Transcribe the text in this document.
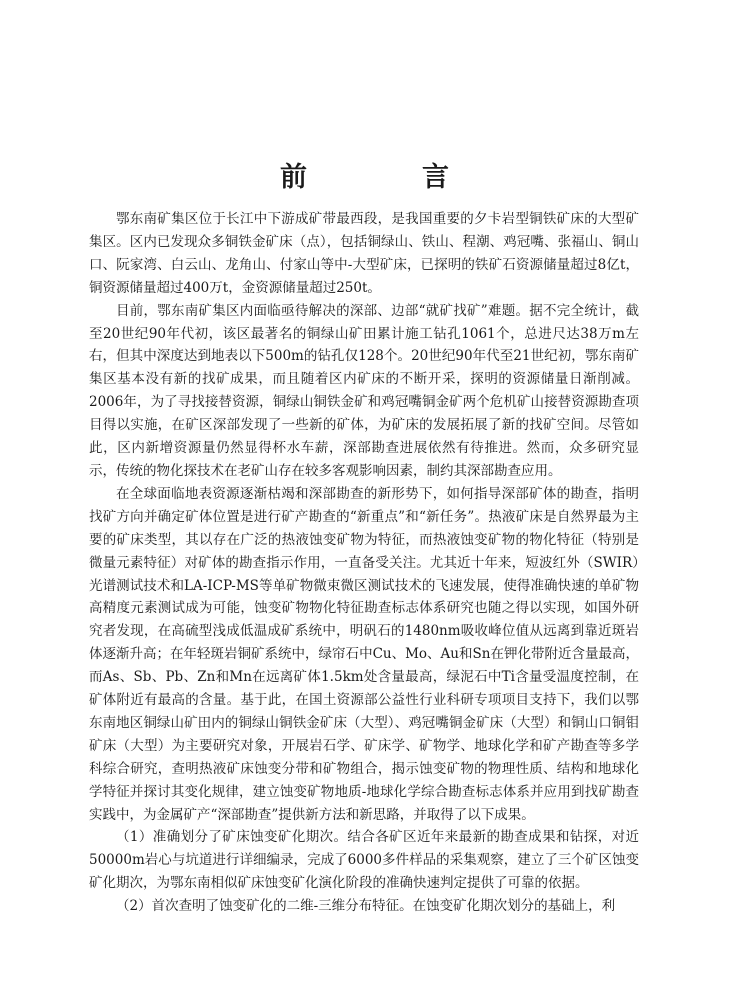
前　言

鄂东南矿集区位于长江中下游成矿带最西段，是我国重要的夕卡岩型铜铁矿床的大型矿集区。区内已发现众多铜铁金矿床（点），包括铜绿山、铁山、程潮、鸡冠嘴、张福山、铜山口、阮家湾、白云山、龙角山、付家山等中-大型矿床，已探明的铁矿石资源储量超过8亿t，铜资源储量超过400万t，金资源储量超过250t。

目前，鄂东南矿集区内面临亟待解决的深部、边部“就矿找矿”难题。据不完全统计，截至20世纪90年代初，该区最著名的铜绿山矿田累计施工钻孔1061个，总进尺达38万m左右，但其中深度达到地表以下500m的钻孔仅128个。20世纪90年代至21世纪初，鄂东南矿集区基本没有新的找矿成果，而且随着区内矿床的不断开采，探明的资源储量日渐削减。2006年，为了寻找接替资源，铜绿山铜铁金矿和鸡冠嘴铜金矿两个危机矿山接替资源勘查项目得以实施，在矿区深部发现了一些新的矿体，为矿床的发展拓展了新的找矿空间。尽管如此，区内新增资源量仍然显得杯水车薪，深部勘查进展依然有待推进。然而，众多研究显示，传统的物化探技术在老矿山存在较多客观影响因素，制约其深部勘查应用。

在全球面临地表资源逐渐枯竭和深部勘查的新形势下，如何指导深部矿体的勘查，指明找矿方向并确定矿体位置是进行矿产勘查的“新重点”和“新任务”。热液矿床是自然界最为主要的矿床类型，其以存在广泛的热液蚀变矿物为特征，而热液蚀变矿物的物化特征（特别是微量元素特征）对矿体的勘查指示作用，一直备受关注。尤其近十年来，短波红外（SWIR）光谱测试技术和LA-ICP-MS等单矿物微束微区测试技术的飞速发展，使得准确快速的单矿物高精度元素测试成为可能，蚀变矿物物化特征勘查标志体系研究也随之得以实现，如国外研究者发现，在高硫型浅成低温成矿系统中，明矾石的1480nm吸收峰位值从远离到靠近斑岩体逐渐升高；在年轻斑岩铜矿系统中，绿帘石中Cu、Mo、Au和Sn在钾化带附近含量最高，而As、Sb、Pb、Zn和Mn在远离矿体1.5km处含量最高，绿泥石中Ti含量受温度控制，在矿体附近有最高的含量。基于此，在国土资源部公益性行业科研专项项目支持下，我们以鄂东南地区铜绿山矿田内的铜绿山铜铁金矿床（大型）、鸡冠嘴铜金矿床（大型）和铜山口铜钼矿床（大型）为主要研究对象，开展岩石学、矿床学、矿物学、地球化学和矿产勘查等多学科综合研究，查明热液矿床蚀变分带和矿物组合，揭示蚀变矿物的物理性质、结构和地球化学特征并探讨其变化规律，建立蚀变矿物地质-地球化学综合勘查标志体系并应用到找矿勘查实践中，为金属矿产“深部勘查”提供新方法和新思路，并取得了以下成果。

（1）准确划分了矿床蚀变矿化期次。结合各矿区近年来最新的勘查成果和钻探，对近50000m岩心与坑道进行详细编录，完成了6000多件样品的采集观察，建立了三个矿区蚀变矿化期次，为鄂东南相似矿床蚀变矿化演化阶段的准确快速判定提供了可靠的依据。

（2）首次查明了蚀变矿化的二维-三维分布特征。在蚀变矿化期次划分的基础上，利
